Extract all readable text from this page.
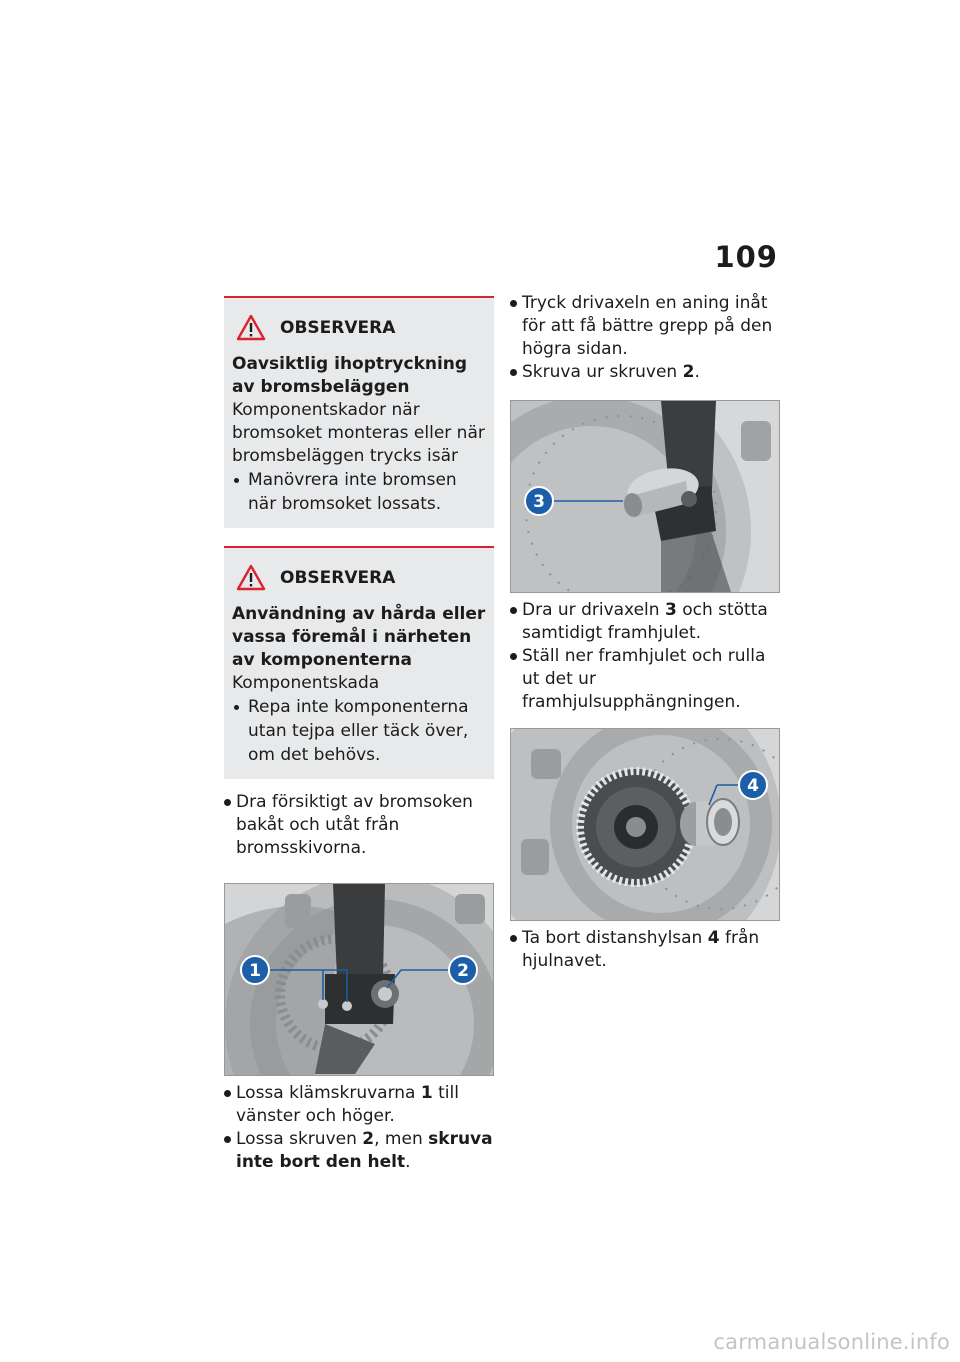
109
OBSERVERA
Oavsiktlig ihoptryckning av bromsbeläggen
Komponentskador när bromsoket monteras eller när bromsbeläggen trycks isär
Manövrera inte bromsen när bromsoket lossats.
OBSERVERA
Användning av hårda eller vassa föremål i närheten av komponenterna
Komponentskada
Repa inte komponenterna utan tejpa eller täck över, om det behövs.
Dra försiktigt av bromsoken bakåt och utåt från bromsskivorna.
1	2
Lossa klämskruvarna 1 till vänster och höger.
Lossa skruven 2, men skruva inte bort den helt.
Tryck drivaxeln en aning inåt för att få bättre grepp på den högra sidan.
Skruva ur skruven 2.
3
Dra ur drivaxeln 3 och stötta samtidigt framhjulet.
Ställ ner framhjulet och rulla ut det ur framhjulsupphängningen.
4
Ta bort distanshylsan 4 från hjulnavet.
carmanualsonline.info
